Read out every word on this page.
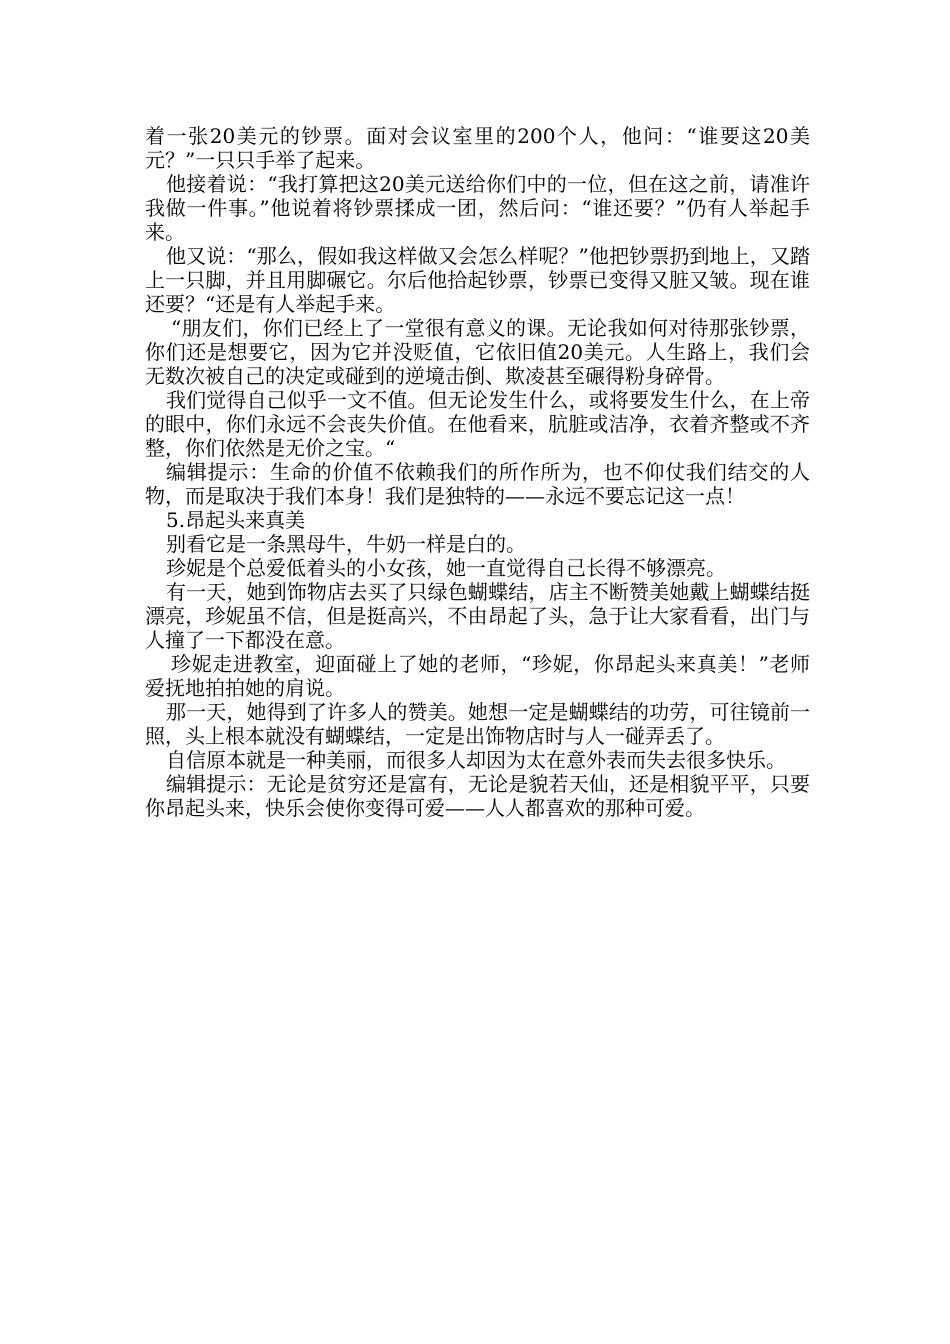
着一张20美元的钞票。面对会议室里的200个人，他问：“谁要这20美元？”一只只手举了起来。

他接着说：“我打算把这20美元送给你们中的一位，但在这之前，请准许我做一件事。”他说着将钞票揉成一团，然后问：“谁还要？”仍有人举起手来。

他又说：“那么，假如我这样做又会怎么样呢？”他把钞票扔到地上，又踏上一只脚，并且用脚碾它。尔后他拾起钞票，钞票已变得又脏又皱。现在谁还要？“还是有人举起手来。

“朋友们，你们已经上了一堂很有意义的课。无论我如何对待那张钞票，你们还是想要它，因为它并没贬值，它依旧值20美元。人生路上，我们会无数次被自己的决定或碰到的逆境击倒、欺凌甚至碾得粉身碎骨。

我们觉得自己似乎一文不值。但无论发生什么，或将要发生什么，在上帝的眼中，你们永远不会丧失价值。在他看来，肮脏或洁净，衣着齐整或不齐整，你们依然是无价之宝。“

编辑提示：生命的价值不依赖我们的所作所为，也不仰仗我们结交的人物，而是取决于我们本身！我们是独特的——永远不要忘记这一点！

5.昂起头来真美

别看它是一条黑母牛，牛奶一样是白的。

珍妮是个总爱低着头的小女孩，她一直觉得自己长得不够漂亮。

有一天，她到饰物店去买了只绿色蝴蝶结，店主不断赞美她戴上蝴蝶结挺漂亮，珍妮虽不信，但是挺高兴，不由昂起了头，急于让大家看看，出门与人撞了一下都没在意。

珍妮走进教室，迎面碰上了她的老师，“珍妮，你昂起头来真美！”老师爱抚地拍拍她的肩说。

那一天，她得到了许多人的赞美。她想一定是蝴蝶结的功劳，可往镜前一照，头上根本就没有蝴蝶结，一定是出饰物店时与人一碰弄丢了。

自信原本就是一种美丽，而很多人却因为太在意外表而失去很多快乐。

编辑提示：无论是贫穷还是富有，无论是貌若天仙，还是相貌平平，只要你昂起头来，快乐会使你变得可爱——人人都喜欢的那种可爱。
